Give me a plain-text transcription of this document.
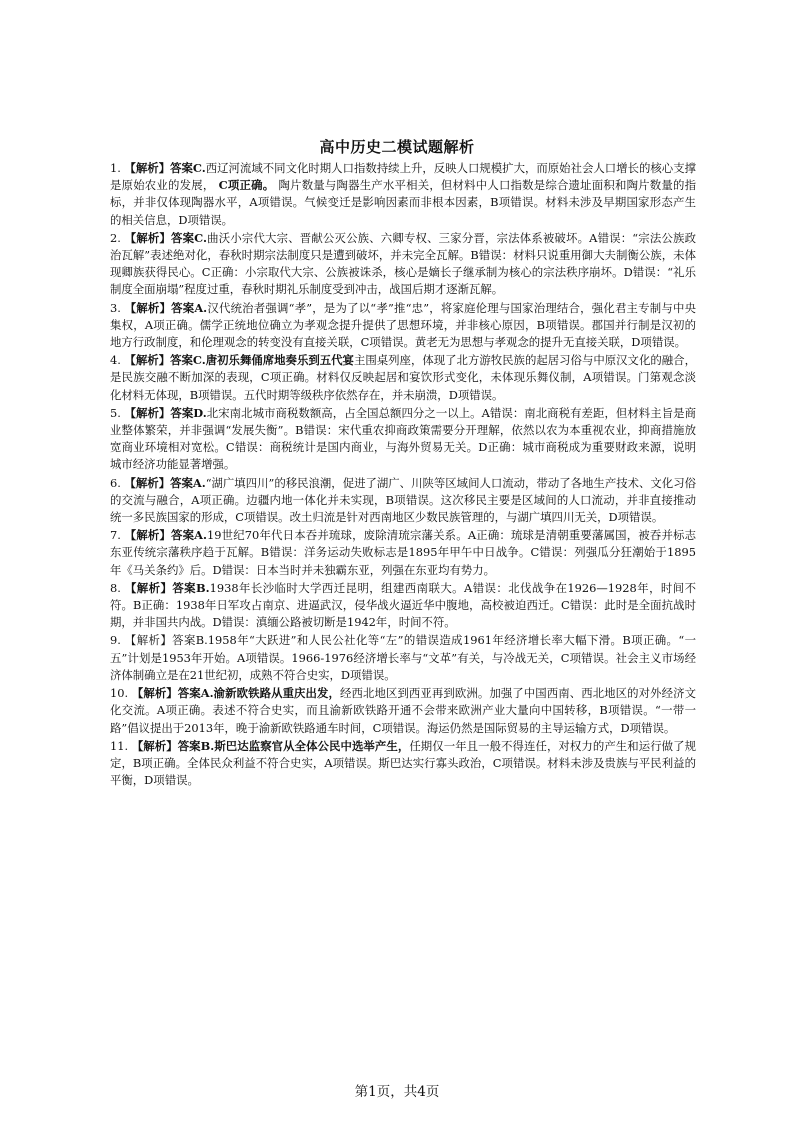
高中历史二模试题解析
1. 【解析】答案C.西辽河流域不同文化时期人口指数持续上升，反映人口规模扩大，而原始社会人口增长的核心支撑是原始农业的发展， C项正确。 陶片数量与陶器生产水平相关，但材料中人口指数是综合遗址面积和陶片数量的指标，并非仅体现陶器水平，A项错误。气候变迁是影响因素而非根本因素，B项错误。材料未涉及早期国家形态产生的相关信息，D项错误。
2. 【解析】答案C.曲沃小宗代大宗、晋献公灭公族、六卿专权、三家分晋，宗法体系被破坏。A错误：“宗法公族政治瓦解”表述绝对化，春秋时期宗法制度只是遭到破坏，并未完全瓦解。B错误：材料只说重用御大夫制衡公族，未体现卿族获得民心。C正确：小宗取代大宗、公族被诛杀，核心是嫡长子继承制为核心的宗法秩序崩坏。D错误：“礼乐制度全面崩塌”程度过重，春秋时期礼乐制度受到冲击，战国后期才逐渐瓦解。
3. 【解析】答案A.汉代统治者强调“孝”，是为了以“孝”推“忠”，将家庭伦理与国家治理结合，强化君主专制与中央集权，A项正确。儒学正统地位确立为孝观念提升提供了思想环境，并非核心原因，B项错误。郡国并行制是汉初的地方行政制度，和伦理观念的转变没有直接关联，C项错误。黄老无为思想与孝观念的提升无直接关联，D项错误。
4. 【解析】答案C.唐初乐舞俑席地奏乐到五代宴主围桌列座，体现了北方游牧民族的起居习俗与中原汉文化的融合，是民族交融不断加深的表现，C项正确。材料仅反映起居和宴饮形式变化，未体现乐舞仪制，A项错误。门第观念淡化材料无体现，B项错误。五代时期等级秩序依然存在，并未崩溃，D项错误。
5. 【解析】答案D.北宋南北城市商税数额高，占全国总额四分之一以上。A错误：南北商税有差距，但材料主旨是商业整体繁荣，并非强调“发展失衡”。B错误：宋代重农抑商政策需要分开理解，依然以农为本重视农业，抑商措施放宽商业环境相对宽松。C错误：商税统计是国内商业，与海外贸易无关。D正确：城市商税成为重要财政来源，说明城市经济功能显著增强。
6. 【解析】答案A.“湖广填四川”的移民浪潮，促进了湖广、川陕等区域间人口流动，带动了各地生产技术、文化习俗的交流与融合，A项正确。边疆内地一体化并未实现，B项错误。这次移民主要是区域间的人口流动，并非直接推动统一多民族国家的形成，C项错误。改土归流是针对西南地区少数民族管理的，与湖广填四川无关，D项错误。
7. 【解析】答案A.19世纪70年代日本吞并琉球，废除清琉宗藩关系。A正确：琉球是清朝重要藩属国，被吞并标志东亚传统宗藩秩序趋于瓦解。B错误：洋务运动失败标志是1895年甲午中日战争。C错误：列强瓜分狂潮始于1895年《马关条约》后。D错误：日本当时并未独霸东亚，列强在东亚均有势力。
8. 【解析】答案B.1938年长沙临时大学西迁昆明，组建西南联大。A错误：北伐战争在1926—1928年，时间不符。B正确：1938年日军攻占南京、进逼武汉，侵华战火逼近华中腹地，高校被迫西迁。C错误：此时是全面抗战时期，并非国共内战。D错误：滇缅公路被切断是1942年，时间不符。
9. 【解析】答案B.1958年“大跃进”和人民公社化等“左”的错误造成1961年经济增长率大幅下滑。B项正确。“一五”计划是1953年开始。A项错误。1966-1976经济增长率与“文革”有关，与冷战无关，C项错误。社会主义市场经济体制确立是在21世纪初，成熟不符合史实，D项错误。
10. 【解析】答案A.渝新欧铁路从重庆出发，经西北地区到西亚再到欧洲。加强了中国西南、西北地区的对外经济文化交流。A项正确。表述不符合史实，而且渝新欧铁路开通不会带来欧洲产业大量向中国转移，B项错误。“一带一路”倡议提出于2013年，晚于渝新欧铁路通车时间，C项错误。海运仍然是国际贸易的主导运输方式，D项错误。
11. 【解析】答案B.斯巴达监察官从全体公民中选举产生，任期仅一年且一般不得连任，对权力的产生和运行做了规定，B项正确。全体民众利益不符合史实，A项错误。斯巴达实行寡头政治，C项错误。材料未涉及贵族与平民利益的平衡，D项错误。
第1页，共4页
